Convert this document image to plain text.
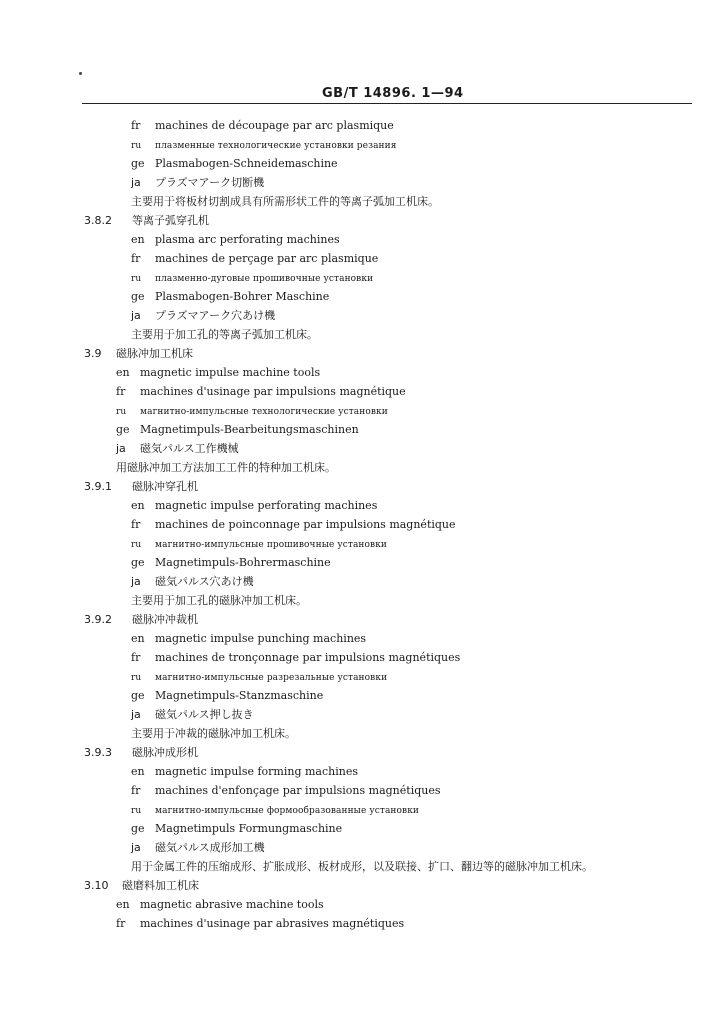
GB/T 14896. 1—94
fr machines de découpage par arc plasmique
ru плазменные технологические установки резания
ge Plasmabogen-Schneidemaschine
ja プラズマアーク切断機
主要用于将板材切割成具有所需形状工件的等离子弧加工机床。
3.8.2 等离子弧穿孔机
en plasma arc perforating machines
fr machines de perçage par arc plasmique
ru плазменно-дуговые прошивочные установки
ge Plasmabogen-Bohrer Maschine
ja プラズマアーク穴あけ機
主要用于加工孔的等离子弧加工机床。
3.9 磁脉冲加工机床
en magnetic impulse machine tools
fr machines d'usinage par impulsions magnétique
ru магнитно-импульсные технологические установки
ge Magnetimpuls-Bearbeitungsmaschinen
ja 磁気パルス工作機械
用磁脉冲加工方法加工工件的特种加工机床。
3.9.1 磁脉冲穿孔机
en magnetic impulse perforating machines
fr machines de poinconnage par impulsions magnétique
ru магнитно-импульсные прошивочные установки
ge Magnetimpuls-Bohrermaschine
ja 磁気パルス穴あけ機
主要用于加工孔的磁脉冲加工机床。
3.9.2 磁脉冲冲裁机
en magnetic impulse punching machines
fr machines de tronçonnage par impulsions magnétiques
ru магнитно-импульсные разрезальные установки
ge Magnetimpuls-Stanzmaschine
ja 磁気パルス押し抜き
主要用于冲裁的磁脉冲加工机床。
3.9.3 磁脉冲成形机
en magnetic impulse forming machines
fr machines d'enfonçage par impulsions magnétiques
ru магнитно-импульсные формообразованные установки
ge Magnetimpuls Formungmaschine
ja 磁気パルス成形加工機
用于金属工件的压缩成形、扩胀成形、板材成形，以及联接、扩口、翻边等的磁脉冲加工机床。
3.10 磁磨料加工机床
en magnetic abrasive machine tools
fr machines d'usinage par abrasives magnétiques
